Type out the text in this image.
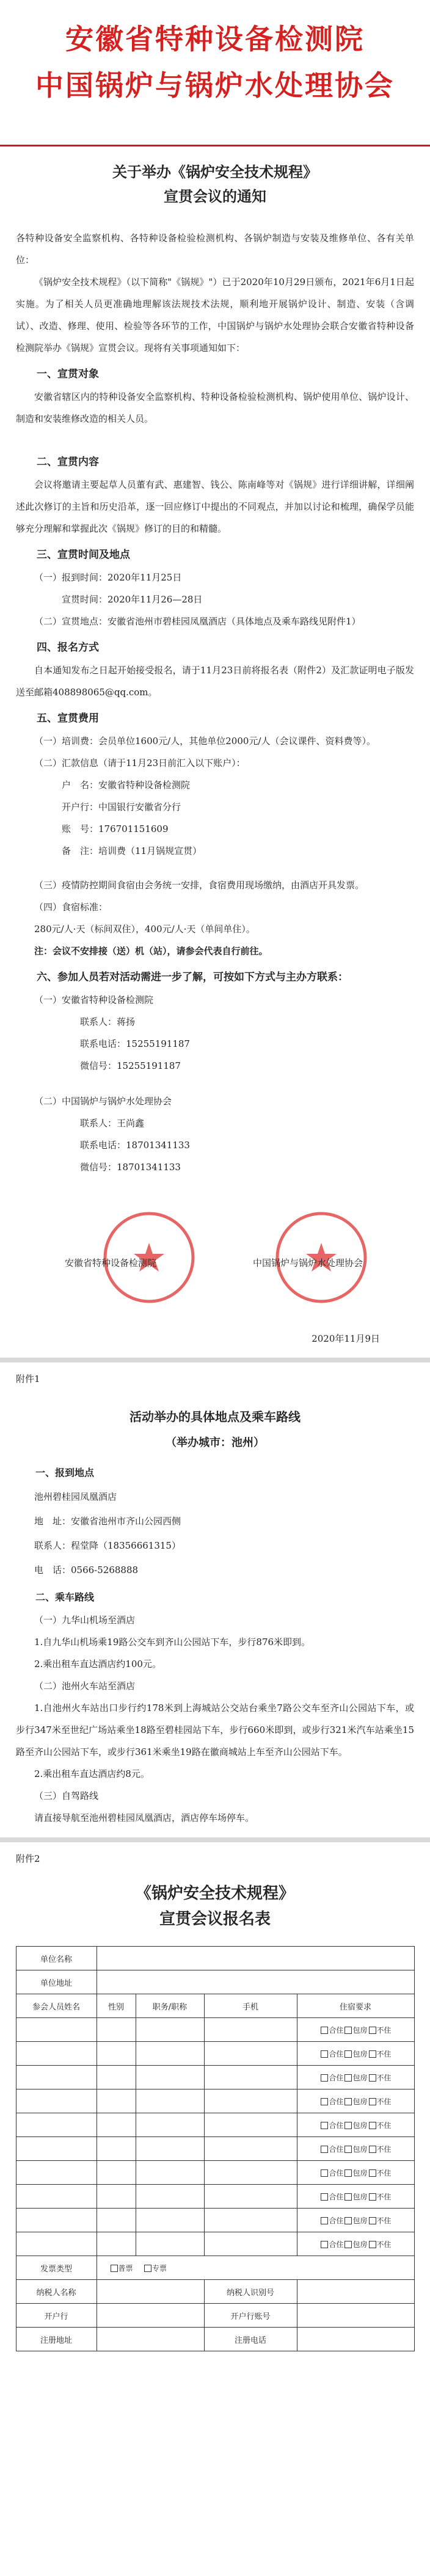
安徽省特种设备检测院
中国锅炉与锅炉水处理协会
关于举办《锅炉安全技术规程》
宣贯会议的通知

各特种设备安全监察机构、各特种设备检验检测机构、各锅炉制造与安装及维修单位、各有关单位：

《锅炉安全技术规程》（以下简称"《锅规》"）已于2020年10月29日颁布，2021年6月1日起实施。为了相关人员更准确地理解该法规技术法规，顺利地开展锅炉设计、制造、安装（含调试）、改造、修理、使用、检验等各环节的工作，中国锅炉与锅炉水处理协会联合安徽省特种设备检测院举办《锅规》宣贯会议。现将有关事项通知如下：

一、宣贯对象

安徽省辖区内的特种设备安全监察机构、特种设备检验检测机构、锅炉使用单位、锅炉设计、制造和安装维修改造的相关人员。

二、宣贯内容

会议将邀请主要起草人员董有武、惠建智、钱公、陈南峰等对《锅规》进行详细讲解，详细阐述此次修订的主旨和历史沿革，逐一回应修订中提出的不同观点，并加以讨论和梳理，确保学员能够充分理解和掌握此次《锅规》修订的目的和精髓。

三、宣贯时间及地点
（一）报到时间：2020年11月25日
宣贯时间：2020年11月26—28日
（二）宣贯地点：安徽省池州市碧桂园凤凰酒店（具体地点及乘车路线见附件1）
四、报名方式

自本通知发布之日起开始接受报名，请于11月23日前将报名表（附件2）及汇款证明电子版发送至邮箱408898065@qq.com。

五、宣贯费用

（一）培训费：会员单位1600元/人，其他单位2000元/人（会议课件、资料费等）。

（二）汇款信息（请于11月23日前汇入以下账户）：
户　名：安徽省特种设备检测院
开户行：中国银行安徽省分行
账　号：176701151609
备　注：培训费（11月锅规宣贯）

（三）疫情防控期间食宿由会务统一安排，食宿费用现场缴纳，由酒店开具发票。

（四）食宿标准：
280元/人·天（标间双住），400元/人·天（单间单住）。
注：会议不安排接（送）机（站），请参会代表自行前往。
六、参加人员若对活动需进一步了解，可按如下方式与主办方联系：
（一）安徽省特种设备检测院
联系人：蒋扬
联系电话：15255191187
微信号：15255191187
（二）中国锅炉与锅炉水处理协会
联系人：王尚鑫
联系电话：18701341133
微信号：18701341133
安徽省特种设备检测院	中国锅炉与锅炉水处理协会
2020年11月9日
附件1
活动举办的具体地点及乘车路线
（举办城市：池州）
一、报到地点
池州碧桂园凤凰酒店
地　址：安徽省池州市齐山公园西侧
联系人：程堂降（18356661315）
电　话：0566-5268888
二、乘车路线
（一）九华山机场至酒店

1.自九华山机场乘19路公交车到齐山公园站下车，步行876米即到。

2.乘出租车直达酒店约100元。

（二）池州火车站至酒店

1.自池州火车站出口步行约178米到上海城站公交站台乘坐7路公交车至齐山公园站下车，或步行347米至世纪广场站乘坐18路至碧桂园站下车，步行660米即到，或步行321米汽车站乘坐15路至齐山公园站下车，或步行361米乘坐19路在徽商城站上车至齐山公园站下车。

2.乘出租车直达酒店约8元。

（三）自驾路线

请直接导航至池州碧桂园凤凰酒店，酒店停车场停车。

附件2
《锅炉安全技术规程》
宣贯会议报名表
单位名称				
单位地址				
参会人员姓名	性别	职务/职称	手机	住宿要求
				合住 包房 不住
				合住 包房 不住
				合住 包房 不住
				合住 包房 不住
				合住 包房 不住
				合住 包房 不住
				合住 包房 不住
				合住 包房 不住
				合住 包房 不住
				合住 包房 不住
发票类型	普票 专票			
纳税人名称			纳税人识别号	
开户行			开户行账号	
注册地址			注册电话	
